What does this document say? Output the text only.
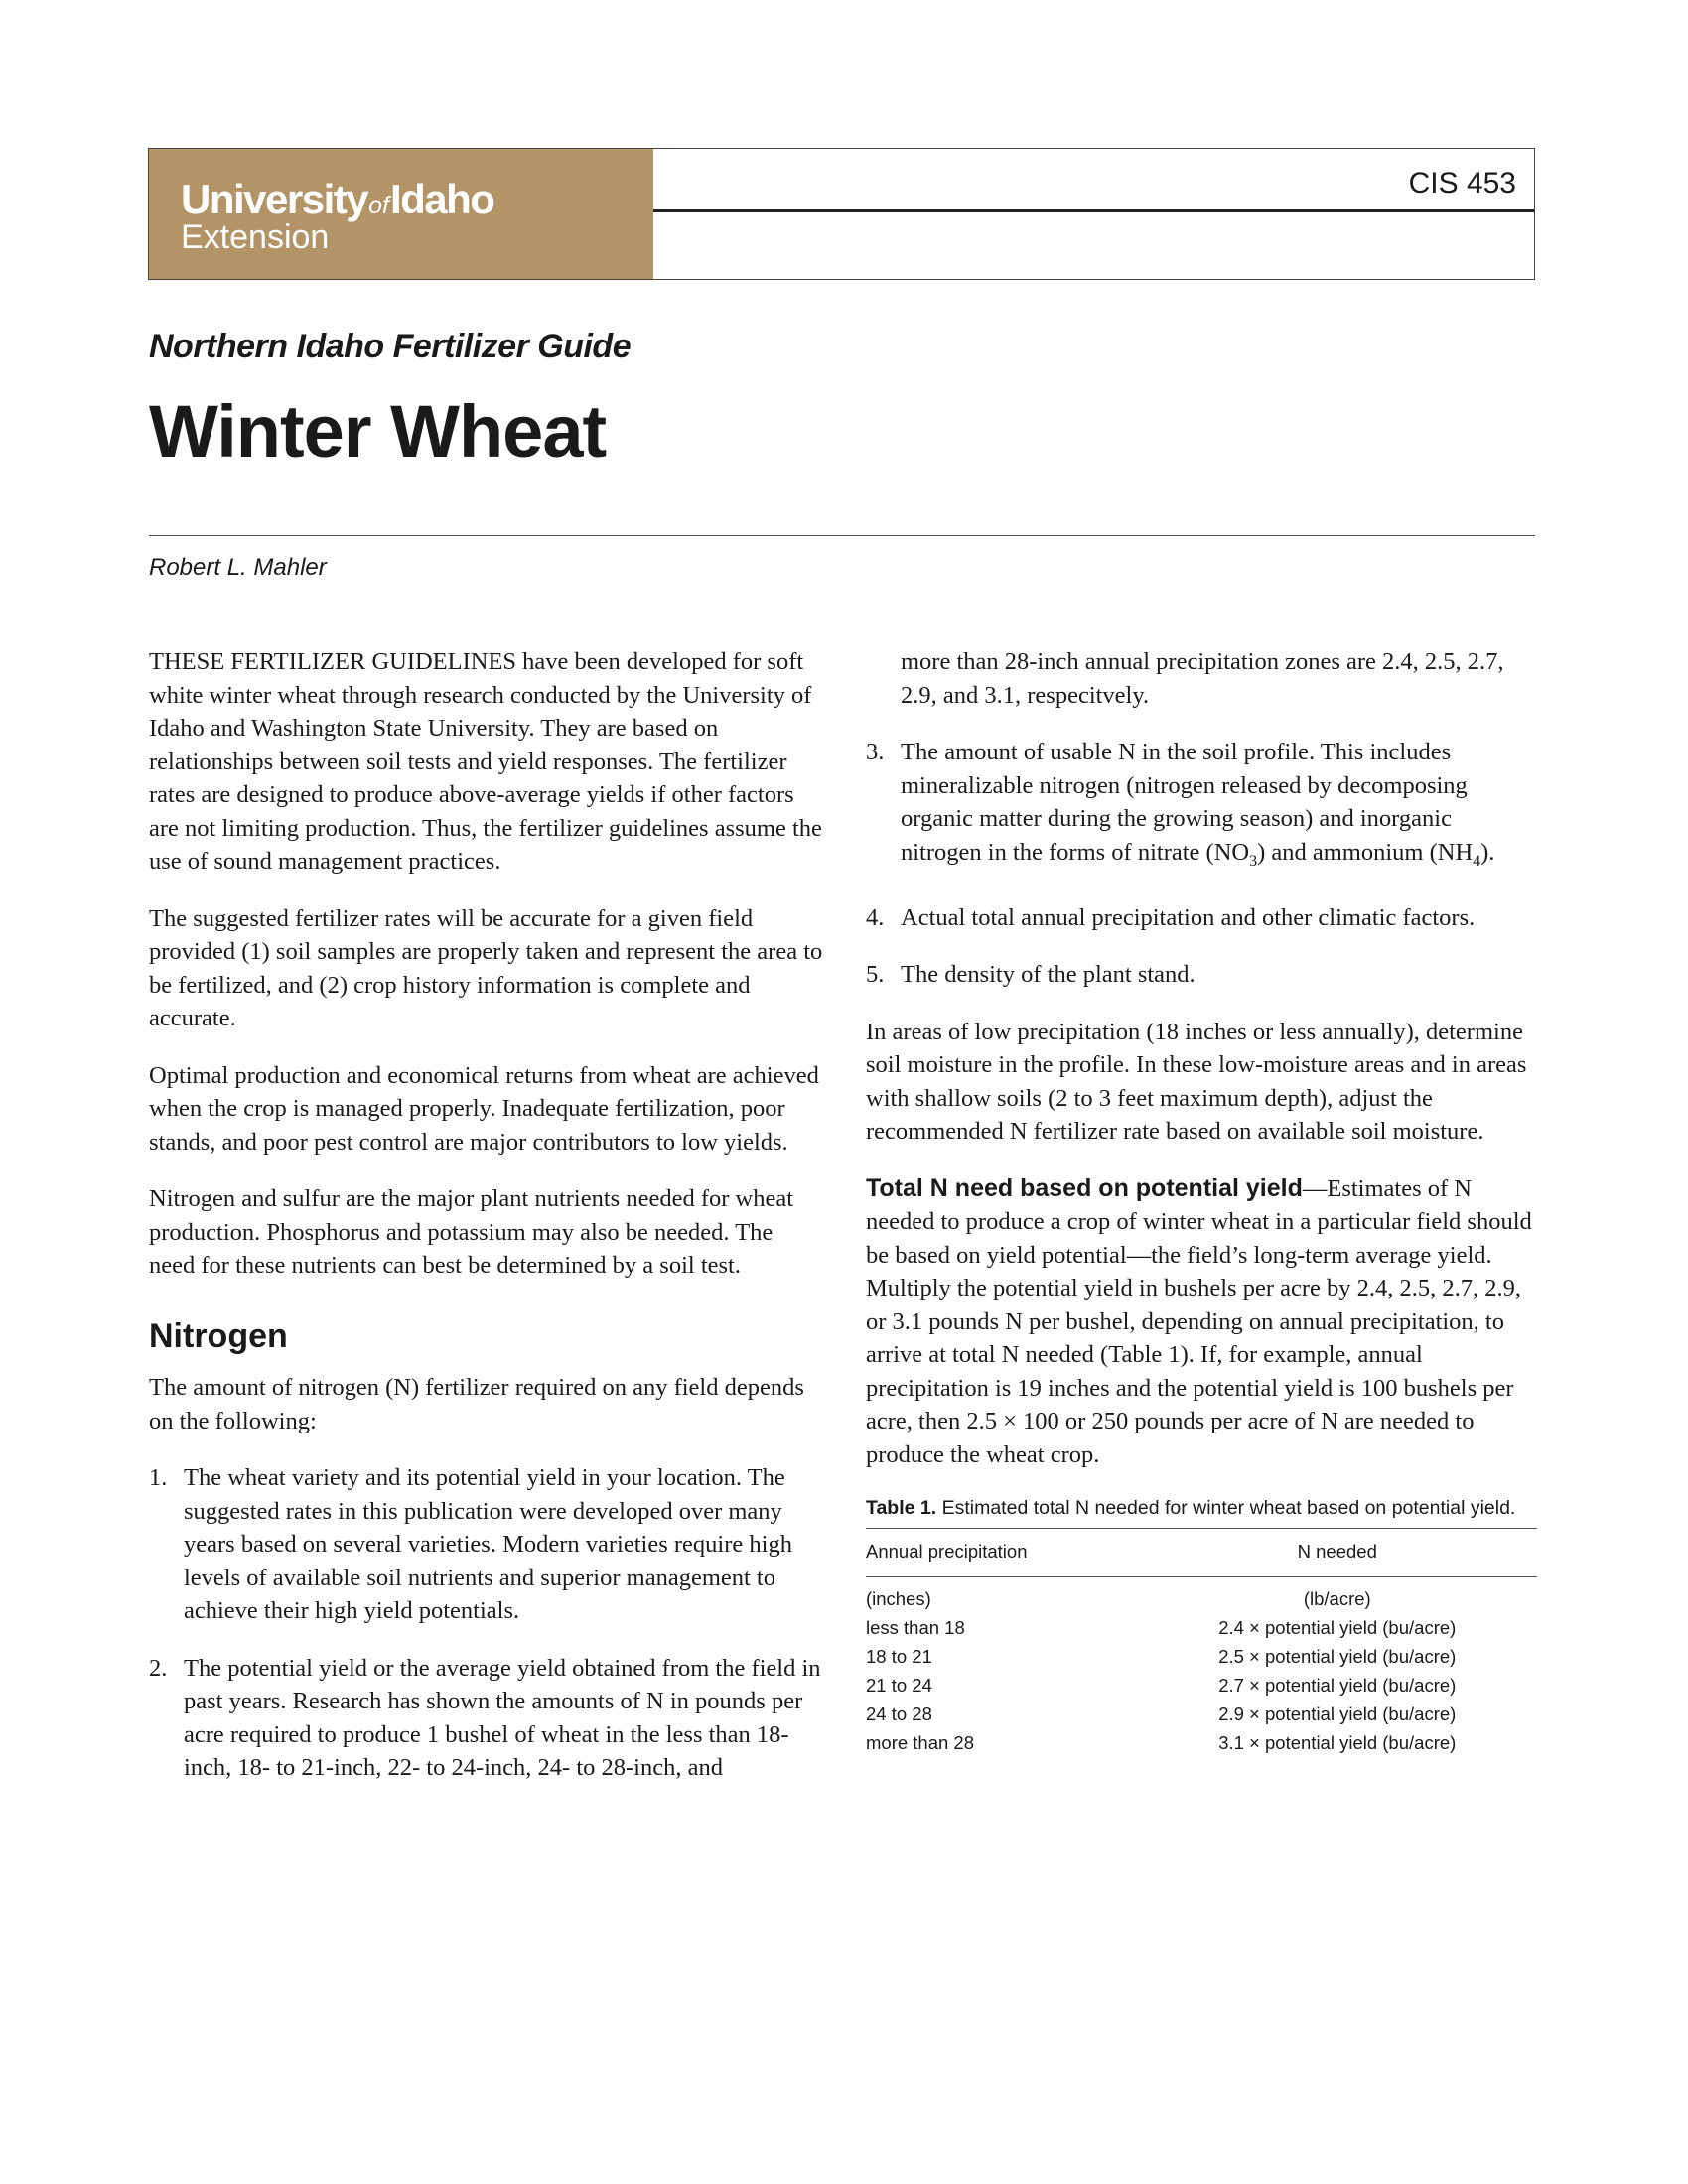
UniversityofIdaho
Extension
CIS 453
Northern Idaho Fertilizer Guide
Winter Wheat
Robert L. Mahler

THESE FERTILIZER GUIDELINES have been developed for soft white winter wheat through research conducted by the University of Idaho and Washington State University. They are based on relationships between soil tests and yield responses. The fertilizer rates are designed to produce above-average yields if other factors are not limiting production. Thus, the fertilizer guidelines assume the use of sound management practices.

The suggested fertilizer rates will be accurate for a given field provided (1) soil samples are properly taken and represent the area to be fertilized, and (2) crop history information is complete and accurate.

Optimal production and economical returns from wheat are achieved when the crop is managed properly. Inadequate fertilization, poor stands, and poor pest control are major contributors to low yields.

Nitrogen and sulfur are the major plant nutrients needed for wheat production. Phosphorus and potassium may also be needed. The need for these nutrients can best be determined by a soil test.

Nitrogen

The amount of nitrogen (N) fertilizer required on any field depends on the following:

1. The wheat variety and its potential yield in your location. The suggested rates in this publication were developed over many years based on several varieties. Modern varieties require high levels of available soil nutrients and superior management to achieve their high yield potentials.
2. The potential yield or the average yield obtained from the field in past years. Research has shown the amounts of N in pounds per acre required to produce 1 bushel of wheat in the less than 18-inch, 18- to 21-inch, 22- to 24-inch, 24- to 28-inch, and

more than 28-inch annual precipitation zones are 2.4, 2.5, 2.7, 2.9, and 3.1, respecitvely.

3. The amount of usable N in the soil profile. This includes mineralizable nitrogen (nitrogen released by decomposing organic matter during the growing season) and inorganic nitrogen in the forms of nitrate $(NO_3)$ and ammonium $(NH_4)$.
4. Actual total annual precipitation and other climatic factors.
5. The density of the plant stand.

In areas of low precipitation (18 inches or less annually), determine soil moisture in the profile. In these low-moisture areas and in areas with shallow soils (2 to 3 feet maximum depth), adjust the recommended N fertilizer rate based on available soil moisture.

Total N need based on potential yield—Estimates of N needed to produce a crop of winter wheat in a particular field should be based on yield potential—the field’s long-term average yield. Multiply the potential yield in bushels per acre by 2.4, 2.5, 2.7, 2.9, or 3.1 pounds N per bushel, depending on annual precipitation, to arrive at total N needed (Table 1). If, for example, annual precipitation is 19 inches and the potential yield is 100 bushels per acre, then 2.5 × 100 or 250 pounds per acre of N are needed to produce the wheat crop.

Table 1. Estimated total N needed for winter wheat based on potential yield.
Annual precipitation	N needed
(inches)	(lb/acre)
less than 18	2.4 × potential yield (bu/acre)
18 to 21	2.5 × potential yield (bu/acre)
21 to 24	2.7 × potential yield (bu/acre)
24 to 28	2.9 × potential yield (bu/acre)
more than 28	3.1 × potential yield (bu/acre)
